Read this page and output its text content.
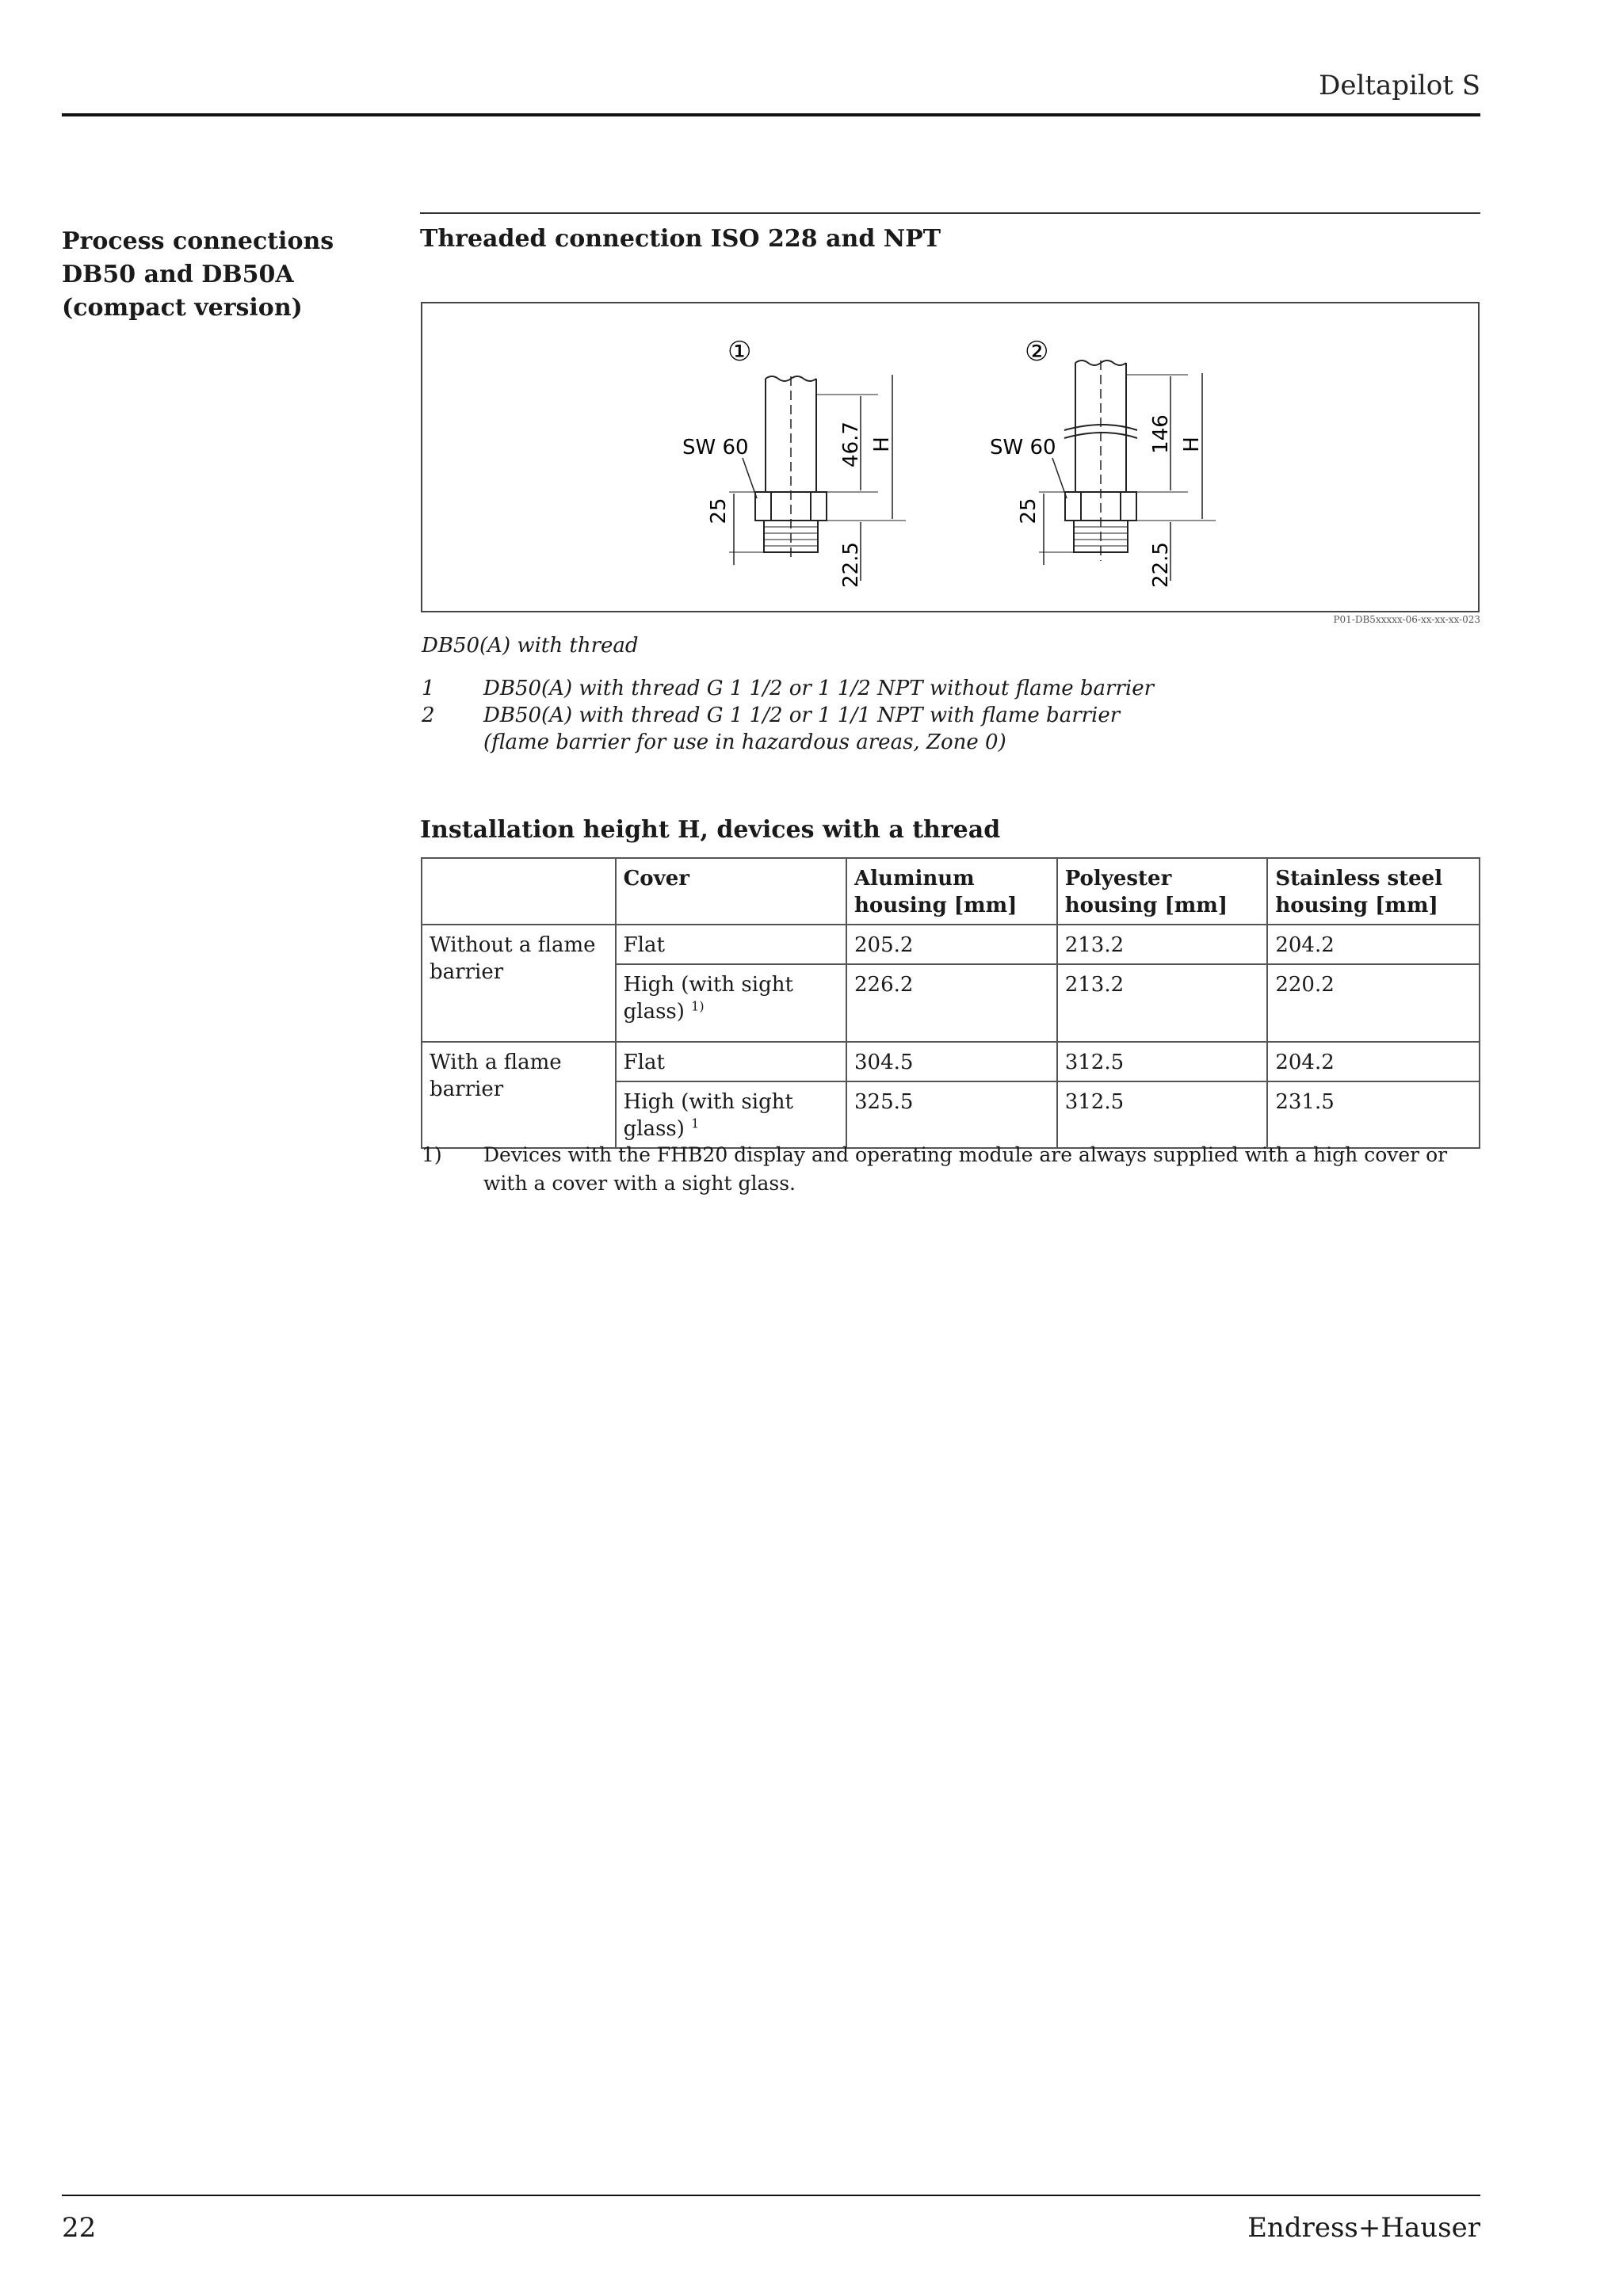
Deltapilot S
Process connections DB50 and DB50A (compact version)
Threaded connection ISO 228 and NPT
①	②
SW 60
25
46.7 H
22.5
SW 60
25
146 H
22.5
P01-DB5xxxxx-06-xx-xx-xx-023
DB50(A) with thread
1	DB50(A) with thread G 1 1/2 or 1 1/2 NPT without flame barrier
2	DB50(A) with thread G 1 1/2 or 1 1/1 NPT with flame barrier
(flame barrier for use in hazardous areas, Zone 0)
Installation height H, devices with a thread
	Cover	Aluminum housing [mm]	Polyester housing [mm]	Stainless steel housing [mm]
Without a flame barrier	Flat	205.2	213.2	204.2
	High (with sight glass) $^{1)}$	226.2	213.2	220.2
With a flame barrier	Flat	304.5	312.5	204.2
	High (with sight glass) $^1$	325.5	312.5	231.5
1)	Devices with the FHB20 display and operating module are always supplied with a high cover or with a cover with a sight glass.
22	Endress+Hauser
